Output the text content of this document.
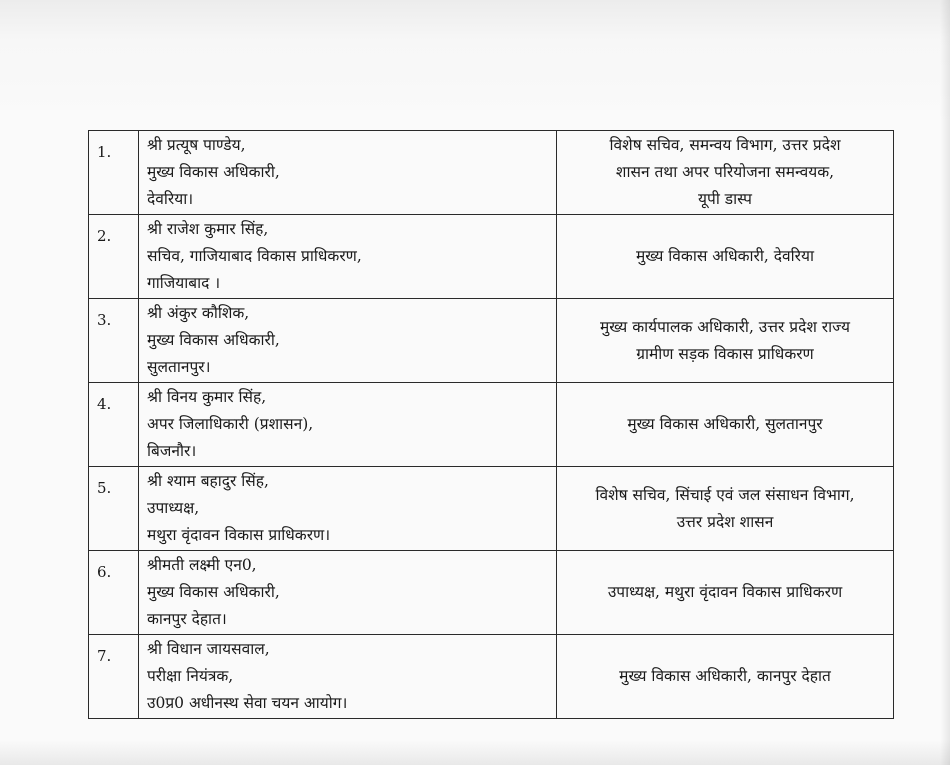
1.	श्री प्रत्यूष पाण्डेय,
मुख्य विकास अधिकारी,
देवरिया।	विशेष सचिव, समन्वय विभाग, उत्तर प्रदेश
शासन तथा अपर परियोजना समन्वयक,
यूपी डास्प

2.	श्री राजेश कुमार सिंह,
सचिव, गाजियाबाद विकास प्राधिकरण,
गाजियाबाद ।	मुख्य विकास अधिकारी, देवरिया

3.	श्री अंकुर कौशिक,
मुख्य विकास अधिकारी,
सुलतानपुर।	मुख्य कार्यपालक अधिकारी, उत्तर प्रदेश राज्य
ग्रामीण सड़क विकास प्राधिकरण

4.	श्री विनय कुमार सिंह,
अपर जिलाधिकारी (प्रशासन),
बिजनौर।	मुख्य विकास अधिकारी, सुलतानपुर

5.	श्री श्याम बहादुर सिंह,
उपाध्यक्ष,
मथुरा वृंदावन विकास प्राधिकरण।	विशेष सचिव, सिंचाई एवं जल संसाधन विभाग,
उत्तर प्रदेश शासन

6.	श्रीमती लक्ष्मी एन0,
मुख्य विकास अधिकारी,
कानपुर देहात।	उपाध्यक्ष, मथुरा वृंदावन विकास प्राधिकरण

7.	श्री विधान जायसवाल,
परीक्षा नियंत्रक,
उ0प्र0 अधीनस्थ सेवा चयन आयोग।	मुख्य विकास अधिकारी, कानपुर देहात
